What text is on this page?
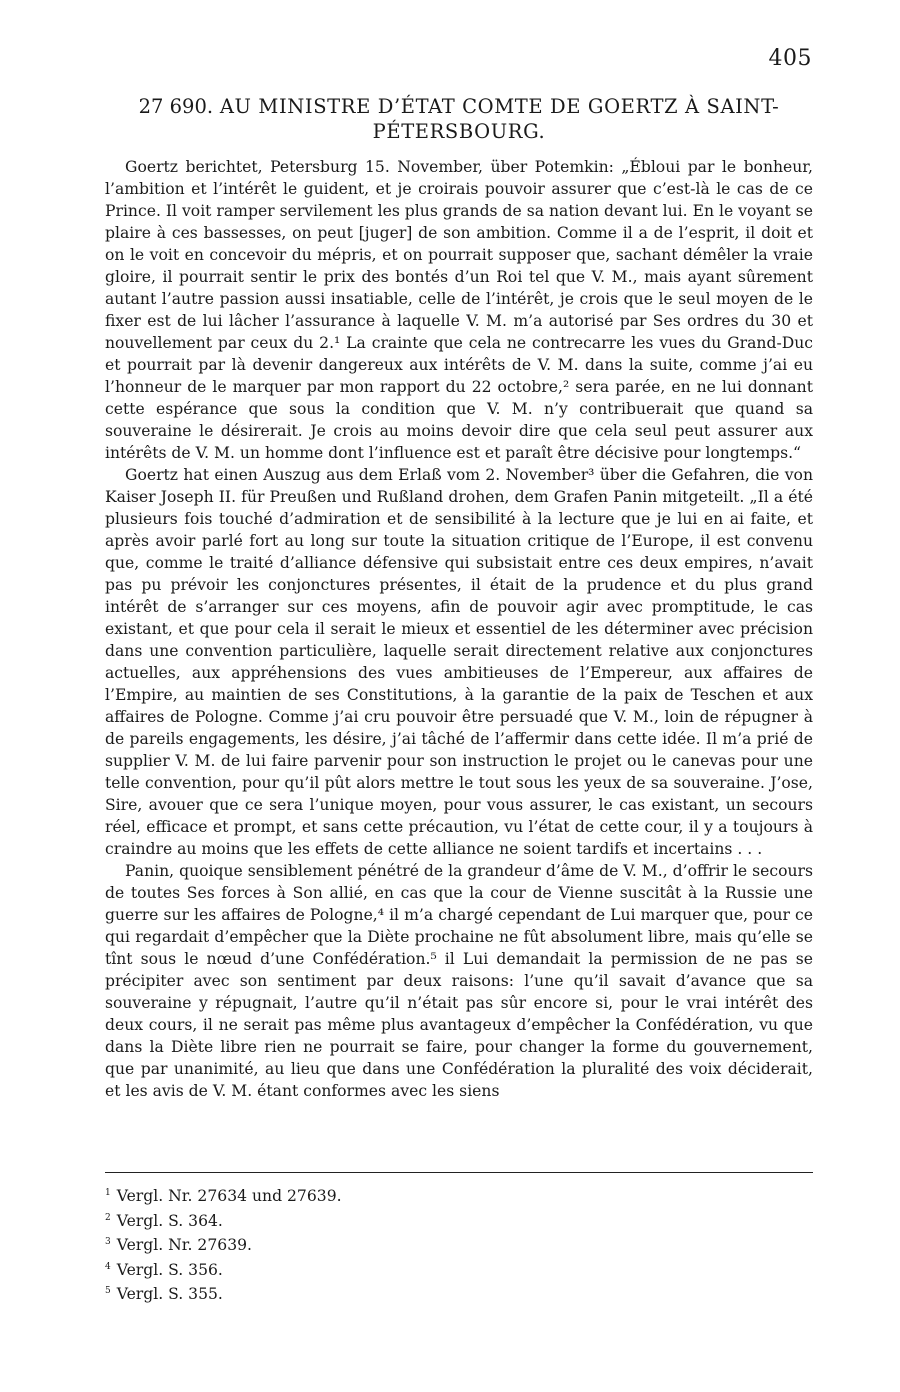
405
27 690. AU MINISTRE D’ÉTAT COMTE DE GOERTZ À SAINT-PÉTERSBOURG.

Goertz berichtet, Petersburg 15. November, über Potemkin: „Ébloui par le bonheur, l’ambition et l’intérêt le guident, et je croirais pouvoir assurer que c’est-là le cas de ce Prince. Il voit ramper servilement les plus grands de sa nation devant lui. En le voyant se plaire à ces bassesses, on peut [juger] de son ambition. Comme il a de l’esprit, il doit et on le voit en concevoir du mépris, et on pourrait supposer que, sachant démêler la vraie gloire, il pourrait sentir le prix des bontés d’un Roi tel que V. M., mais ayant sûrement autant l’autre passion aussi insatiable, celle de l’intérêt, je crois que le seul moyen de le fixer est de lui lâcher l’assurance à laquelle V. M. m’a autorisé par Ses ordres du 30 et nouvellement par ceux du 2.¹ La crainte que cela ne contrecarre les vues du Grand-Duc et pourrait par là devenir dangereux aux intérêts de V. M. dans la suite, comme j’ai eu l’honneur de le marquer par mon rapport du 22 octobre,² sera parée, en ne lui donnant cette espérance que sous la condition que V. M. n’y contribuerait que quand sa souveraine le désirerait. Je crois au moins devoir dire que cela seul peut assurer aux intérêts de V. M. un homme dont l’influence est et paraît être décisive pour longtemps.“

Goertz hat einen Auszug aus dem Erlaß vom 2. November³ über die Gefahren, die von Kaiser Joseph II. für Preußen und Rußland drohen, dem Grafen Panin mitgeteilt. „Il a été plusieurs fois touché d’admiration et de sensibilité à la lecture que je lui en ai faite, et après avoir parlé fort au long sur toute la situation critique de l’Europe, il est convenu que, comme le traité d’alliance défensive qui subsistait entre ces deux empires, n’avait pas pu prévoir les conjonctures présentes, il était de la prudence et du plus grand intérêt de s’arranger sur ces moyens, afin de pouvoir agir avec promptitude, le cas existant, et que pour cela il serait le mieux et essentiel de les déterminer avec précision dans une convention particulière, laquelle serait directement relative aux conjonctures actuelles, aux appréhensions des vues ambitieuses de l’Empereur, aux affaires de l’Empire, au maintien de ses Constitutions, à la garantie de la paix de Teschen et aux affaires de Pologne. Comme j’ai cru pouvoir être persuadé que V. M., loin de répugner à de pareils engagements, les désire, j’ai tâché de l’affermir dans cette idée. Il m’a prié de supplier V. M. de lui faire parvenir pour son instruction le projet ou le canevas pour une telle convention, pour qu’il pût alors mettre le tout sous les yeux de sa souveraine. J’ose, Sire, avouer que ce sera l’unique moyen, pour vous assurer, le cas existant, un secours réel, efficace et prompt, et sans cette précaution, vu l’état de cette cour, il y a toujours à craindre au moins que les effets de cette alliance ne soient tardifs et incertains . . .

Panin, quoique sensiblement pénétré de la grandeur d’âme de V. M., d’offrir le secours de toutes Ses forces à Son allié, en cas que la cour de Vienne suscitât à la Russie une guerre sur les affaires de Pologne,⁴ il m’a chargé cependant de Lui marquer que, pour ce qui regardait d’empêcher que la Diète prochaine ne fût absolument libre, mais qu’elle se tînt sous le nœud d’une Confédération.⁵ il Lui demandait la permission de ne pas se précipiter avec son sentiment par deux raisons: l’une qu’il savait d’avance que sa souveraine y répugnait, l’autre qu’il n’était pas sûr encore si, pour le vrai intérêt des deux cours, il ne serait pas même plus avantageux d’empêcher la Confédération, vu que dans la Diète libre rien ne pourrait se faire, pour changer la forme du gouvernement, que par unanimité, au lieu que dans une Confédération la pluralité des voix déciderait, et les avis de V. M. étant conformes avec les siens

$^1$ Vergl. Nr. 27634 und 27639.
$^2$ Vergl. S. 364.
$^3$ Vergl. Nr. 27639.
$^4$ Vergl. S. 356.
$^5$ Vergl. S. 355.
